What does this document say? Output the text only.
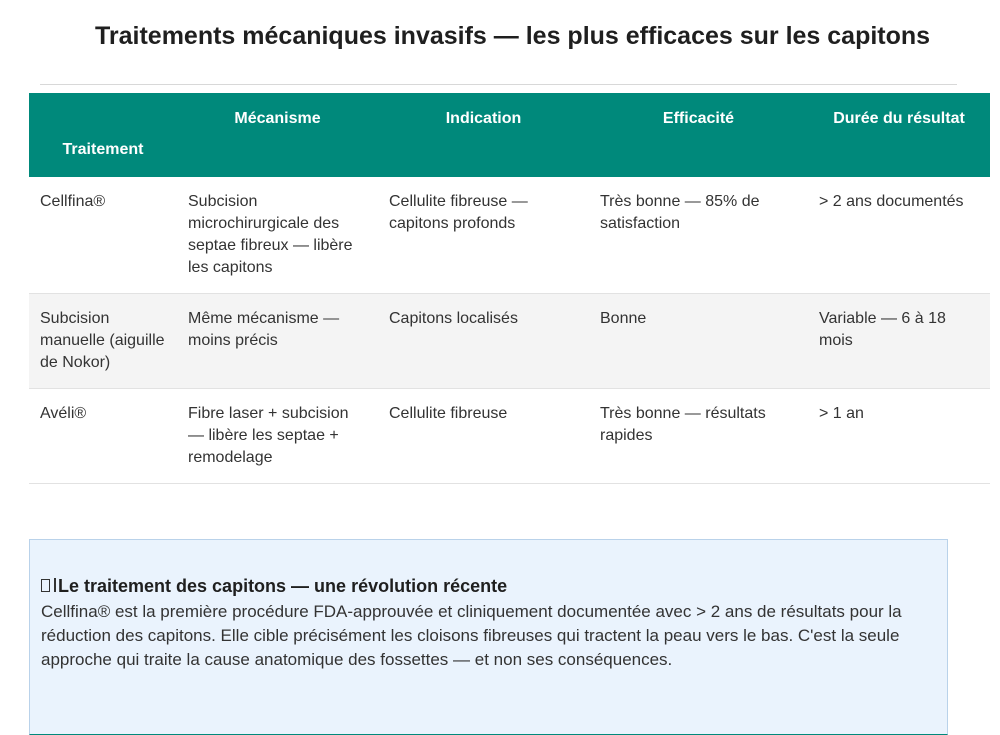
Traitements mécaniques invasifs — les plus efficaces sur les capitons
Traitement	Mécanisme	Indication	Efficacité	Durée du résultat
Cellfina®	Subcision microchirurgicale des septae fibreux — libère les capitons	Cellulite fibreuse — capitons profonds	Très bonne — 85% de satisfaction	> 2 ans documentés
Subcision manuelle (aiguille de Nokor)	Même mécanisme — moins précis	Capitons localisés	Bonne	Variable — 6 à 18 mois
Avéli®	Fibre laser + subcision — libère les septae + remodelage	Cellulite fibreuse	Très bonne — résultats rapides	> 1 an
Le traitement des capitons — une révolution récente
Cellfina® est la première procédure FDA-approuvée et cliniquement documentée avec > 2 ans de résultats pour la réduction des capitons. Elle cible précisément les cloisons fibreuses qui tractent la peau vers le bas. C'est la seule approche qui traite la cause anatomique des fossettes — et non ses conséquences.
